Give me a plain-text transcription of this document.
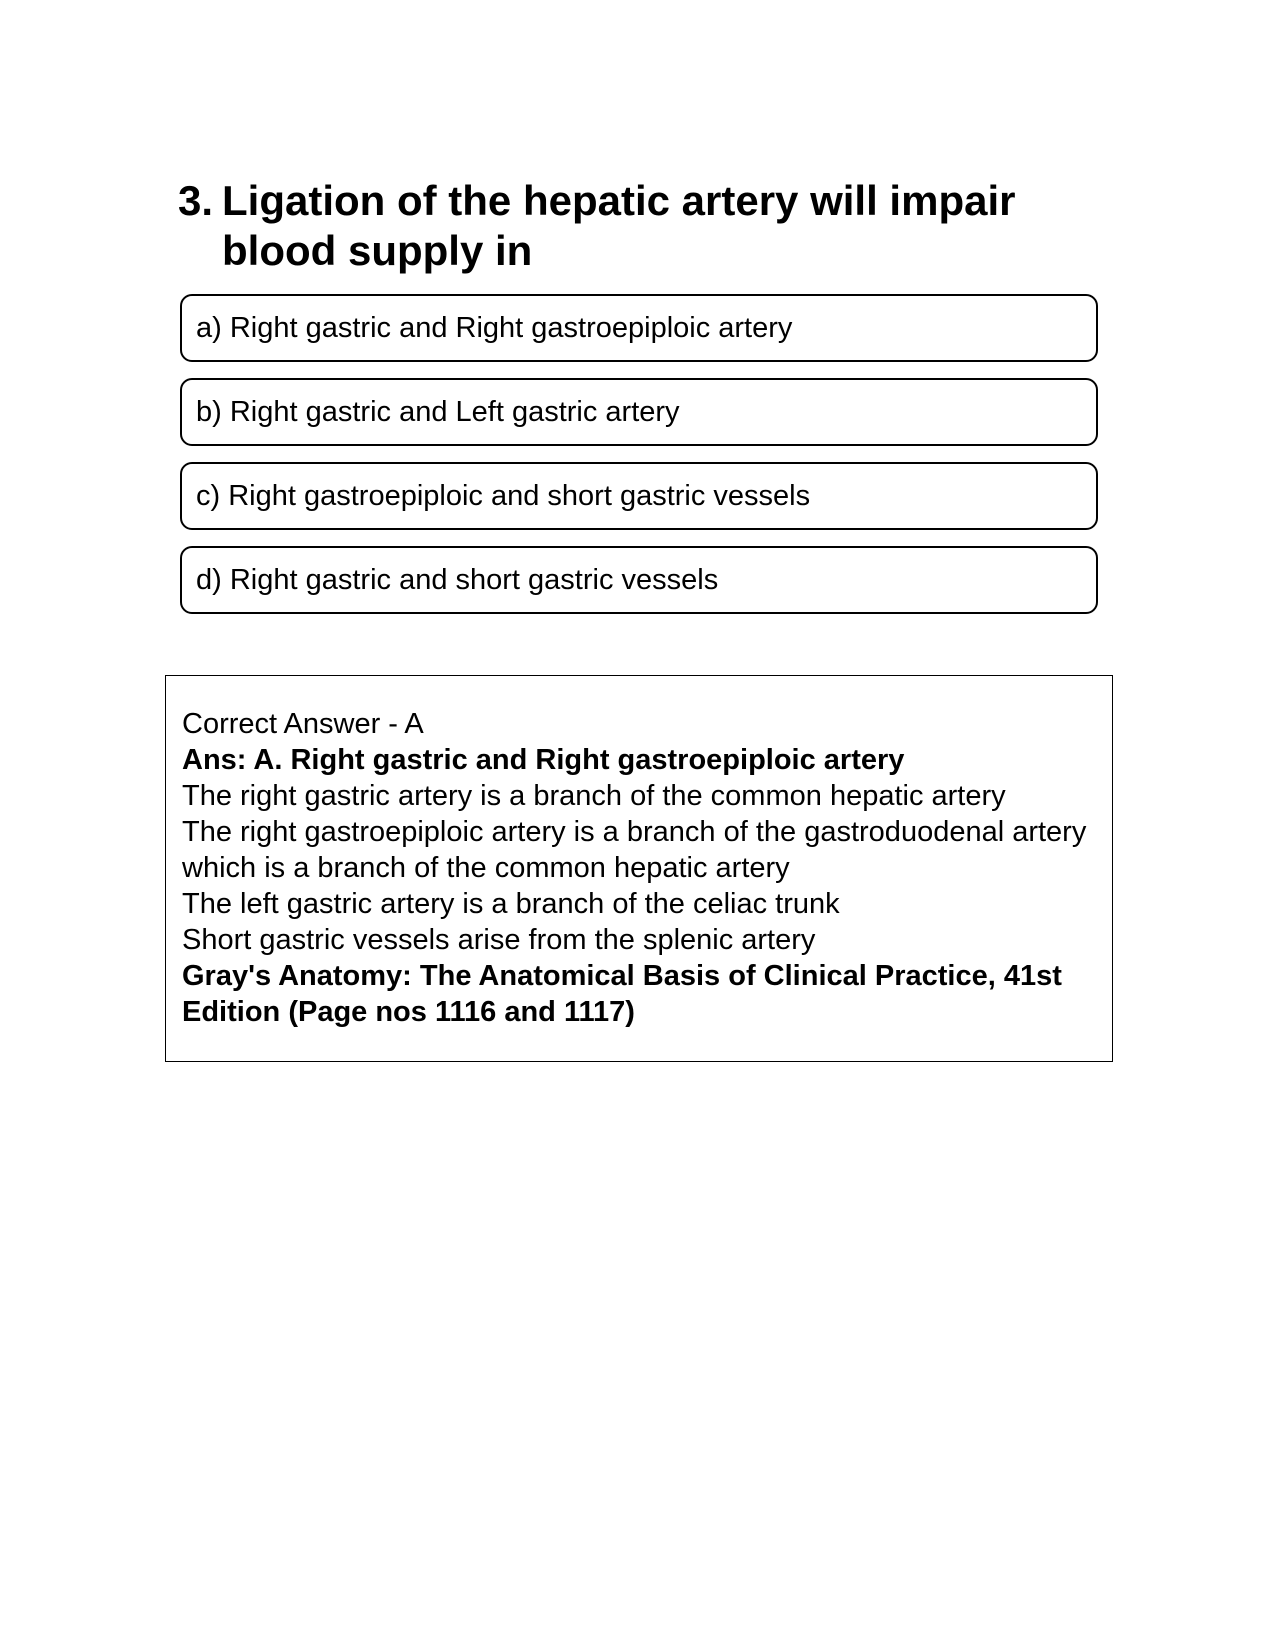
3. Ligation of the hepatic artery will impair blood supply in
a) Right gastric and Right gastroepiploic artery
b) Right gastric and Left gastric artery
c) Right gastroepiploic and short gastric vessels
d) Right gastric and short gastric vessels
Correct Answer - A
Ans: A. Right gastric and Right gastroepiploic artery
The right gastric artery is a branch of the common hepatic artery
The right gastroepiploic artery is a branch of the gastroduodenal artery which is a branch of the common hepatic artery
The left gastric artery is a branch of the celiac trunk
Short gastric vessels arise from the splenic artery
Gray's Anatomy: The Anatomical Basis of Clinical Practice, 41st Edition (Page nos 1116 and 1117)
